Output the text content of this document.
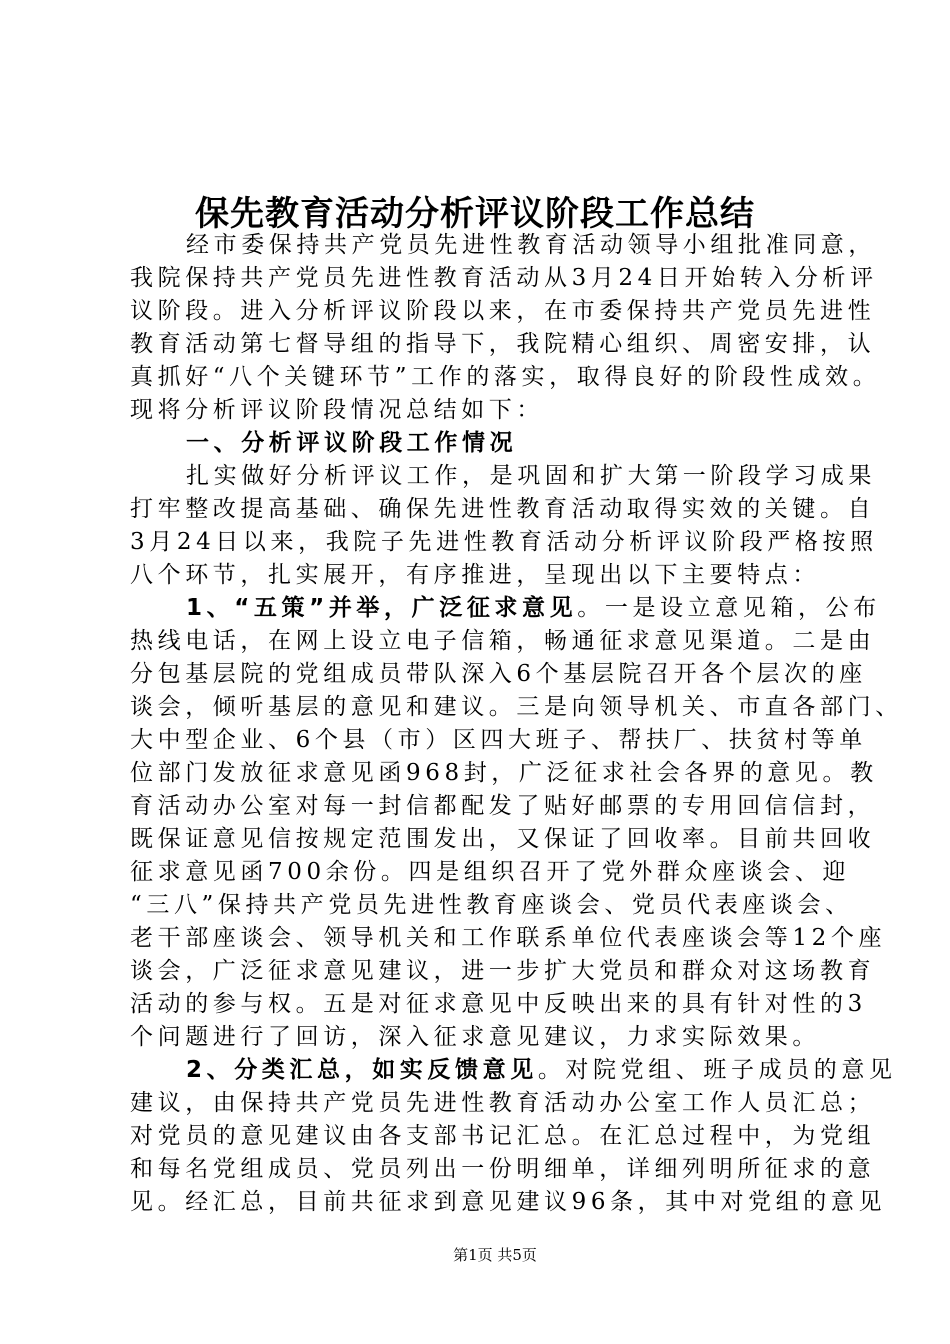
保先教育活动分析评议阶段工作总结
经市委保持共产党员先进性教育活动领导小组批准同意，
我院保持共产党员先进性教育活动从3月24日开始转入分析评
议阶段。进入分析评议阶段以来，在市委保持共产党员先进性
教育活动第七督导组的指导下，我院精心组织、周密安排，认
真抓好“八个关键环节”工作的落实，取得良好的阶段性成效。
现将分析评议阶段情况总结如下：
一、分析评议阶段工作情况
扎实做好分析评议工作，是巩固和扩大第一阶段学习成果
打牢整改提高基础、确保先进性教育活动取得实效的关键。自
3月24日以来，我院子先进性教育活动分析评议阶段严格按照
八个环节，扎实展开，有序推进，呈现出以下主要特点：
1、“五策”并举，广泛征求意见。一是设立意见箱，公布
热线电话，在网上设立电子信箱，畅通征求意见渠道。二是由
分包基层院的党组成员带队深入6个基层院召开各个层次的座
谈会，倾听基层的意见和建议。三是向领导机关、市直各部门、
大中型企业、6个县（市）区四大班子、帮扶厂、扶贫村等单
位部门发放征求意见函968封，广泛征求社会各界的意见。教
育活动办公室对每一封信都配发了贴好邮票的专用回信信封，
既保证意见信按规定范围发出，又保证了回收率。目前共回收
征求意见函700余份。四是组织召开了党外群众座谈会、迎
“三八”保持共产党员先进性教育座谈会、党员代表座谈会、
老干部座谈会、领导机关和工作联系单位代表座谈会等12个座
谈会，广泛征求意见建议，进一步扩大党员和群众对这场教育
活动的参与权。五是对征求意见中反映出来的具有针对性的3
个问题进行了回访，深入征求意见建议，力求实际效果。
2、分类汇总，如实反馈意见。对院党组、班子成员的意见
建议，由保持共产党员先进性教育活动办公室工作人员汇总；
对党员的意见建议由各支部书记汇总。在汇总过程中，为党组
和每名党组成员、党员列出一份明细单，详细列明所征求的意
见。经汇总，目前共征求到意见建议96条，其中对党组的意见
第1页 共5页
